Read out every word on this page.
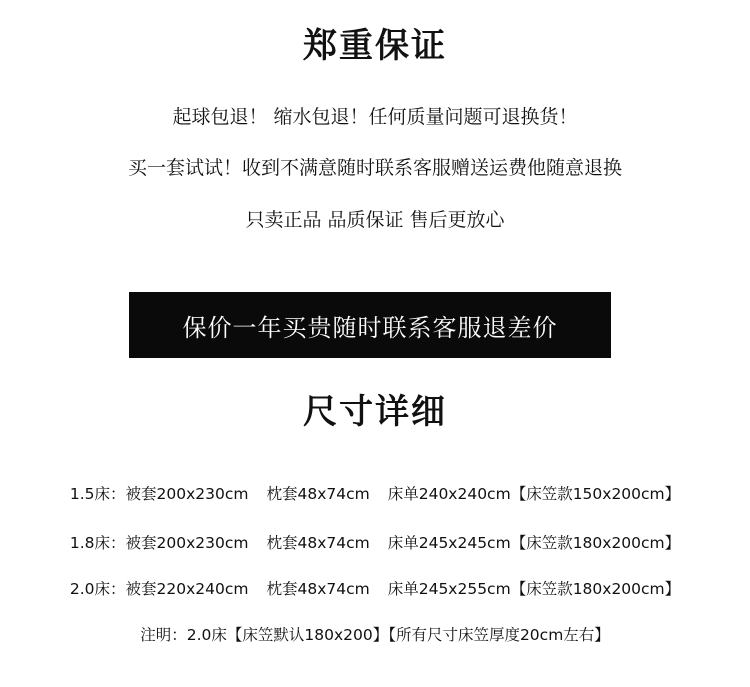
郑重保证
起球包退！ 缩水包退！任何质量问题可退换货！
买一套试试！收到不满意随时联系客服赠送运费他随意退换
只卖正品 品质保证 售后更放心
保价一年买贵随时联系客服退差价
尺寸详细
1.5床：被套200x230cm 枕套48x74cm 床单240x240cm【床笠款150x200cm】
1.8床：被套200x230cm 枕套48x74cm 床单245x245cm【床笠款180x200cm】
2.0床：被套220x240cm 枕套48x74cm 床单245x255cm【床笠款180x200cm】
注明：2.0床【床笠默认180x200】【所有尺寸床笠厚度20cm左右】
